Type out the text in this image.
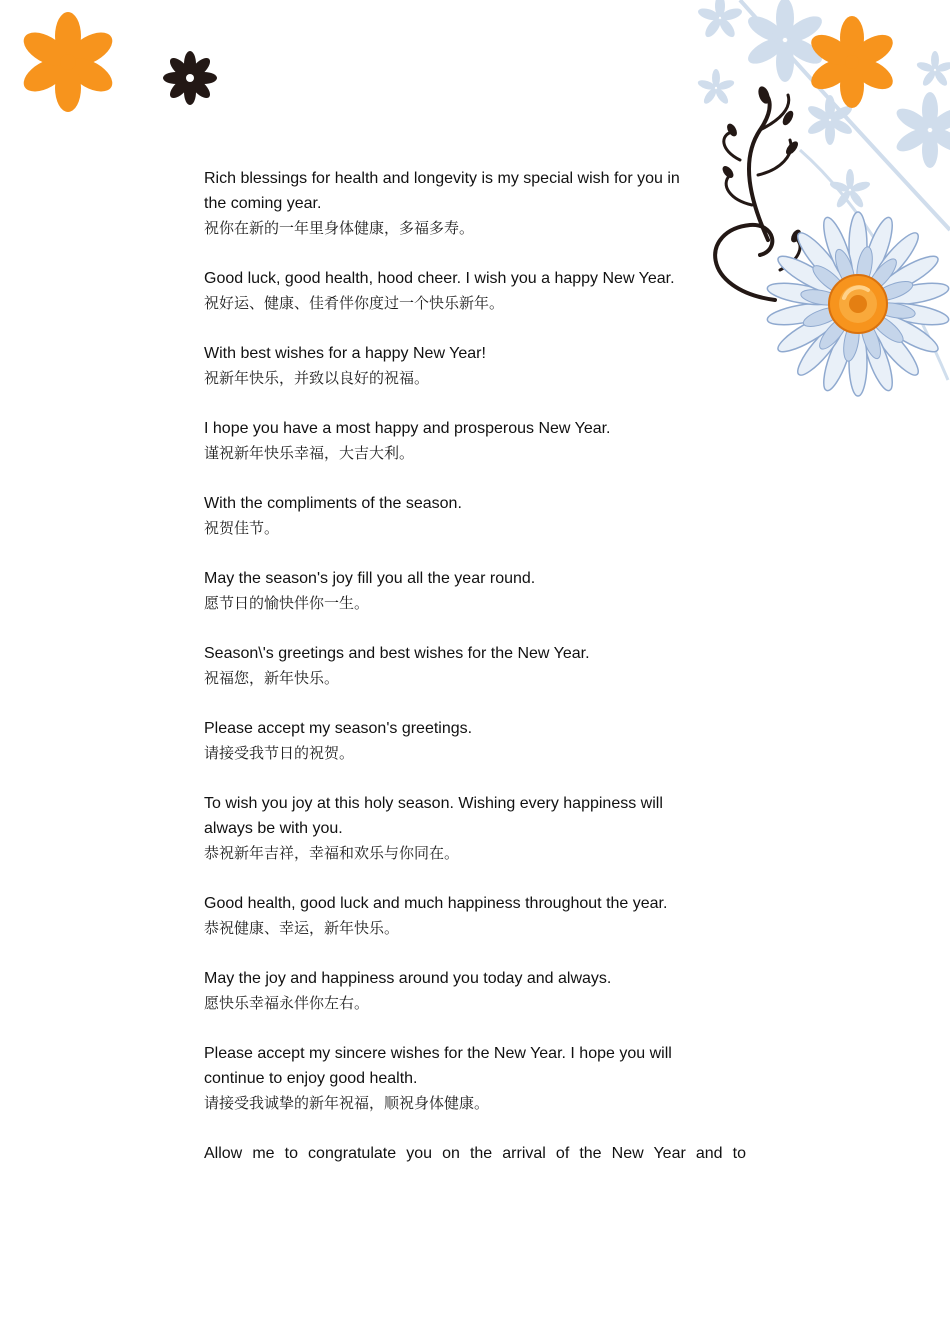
Rich blessings for health and longevity is my special wish for you in the coming year.

祝你在新的一年里身体健康，多福多寿。

Good luck, good health, hood cheer. I wish you a happy New Year.

祝好运、健康、佳肴伴你度过一个快乐新年。

With best wishes for a happy New Year!

祝新年快乐，并致以良好的祝福。

I hope you have a most happy and prosperous New Year.

谨祝新年快乐幸福，大吉大利。

With the compliments of the season.

祝贺佳节。

May the season's joy fill you all the year round.

愿节日的愉快伴你一生。

Season\'s greetings and best wishes for the New Year.

祝福您，新年快乐。

Please accept my season's greetings.

请接受我节日的祝贺。

To wish you joy at this holy season. Wishing every happiness will always be with you.

恭祝新年吉祥，幸福和欢乐与你同在。

Good health, good luck and much happiness throughout the year.

恭祝健康、幸运，新年快乐。

May the joy and happiness around you today and always.

愿快乐幸福永伴你左右。

Please accept my sincere wishes for the New Year. I hope you will continue to enjoy good health.

请接受我诚挚的新年祝福，顺祝身体健康。

Allow me to congratulate you on the arrival of the New Year and to
